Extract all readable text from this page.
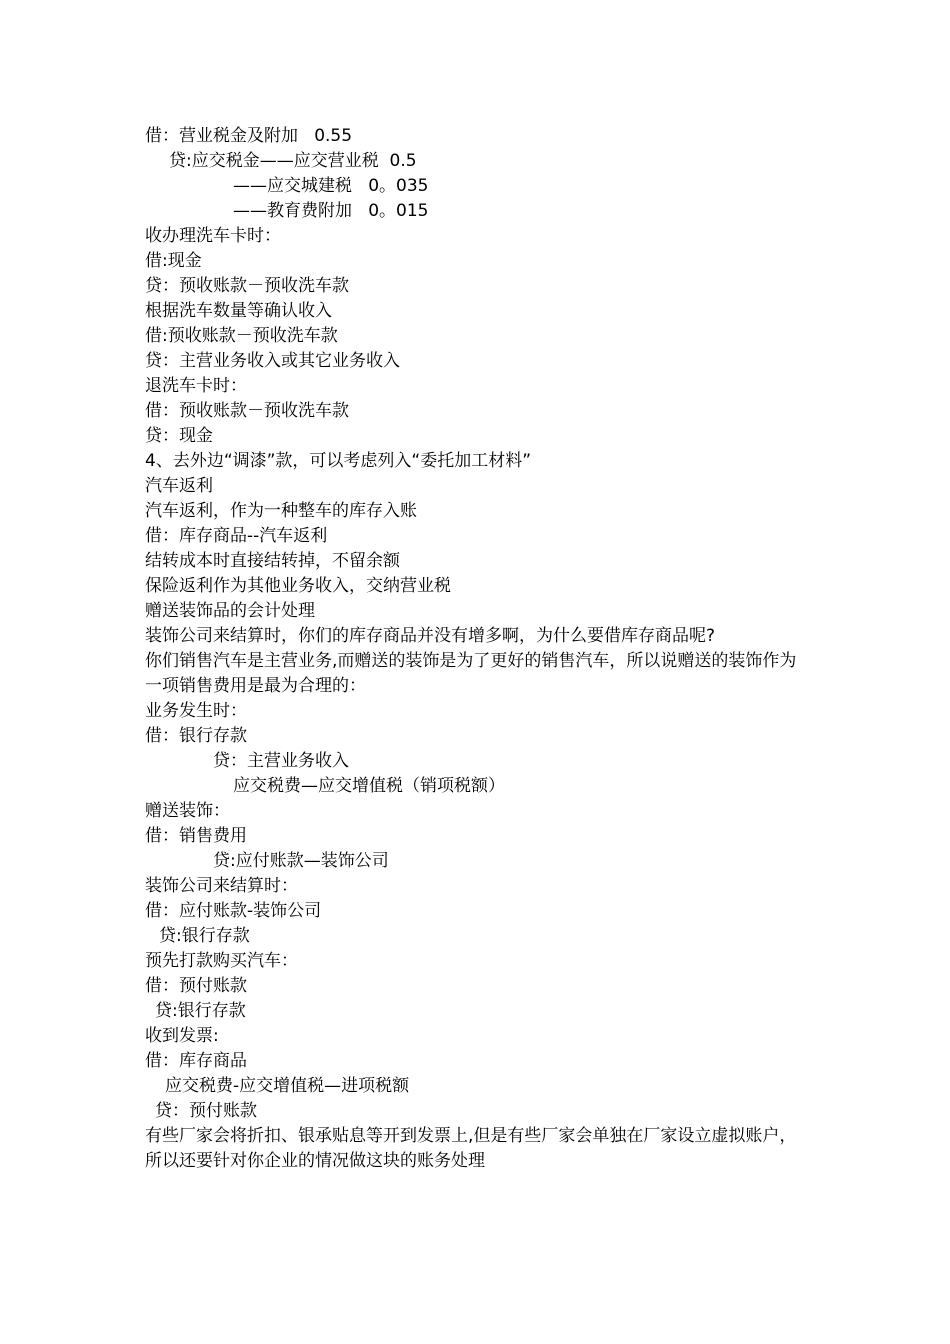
借：营业税金及附加   0.55
贷:应交税金——应交营业税  0.5
——应交城建税   0。035
——教育费附加   0。015
收办理洗车卡时：
借:现金
贷：预收账款－预收洗车款
根据洗车数量等确认收入
借:预收账款－预收洗车款
贷：主营业务收入或其它业务收入
退洗车卡时：
借：预收账款－预收洗车款
贷：现金
4、去外边“调漆”款，可以考虑列入“委托加工材料”
汽车返利
汽车返利，作为一种整车的库存入账
借：库存商品--汽车返利
结转成本时直接结转掉，不留余额
保险返利作为其他业务收入，交纳营业税
赠送装饰品的会计处理
装饰公司来结算时，你们的库存商品并没有增多啊，为什么要借库存商品呢?
你们销售汽车是主营业务,而赠送的装饰是为了更好的销售汽车，所以说赠送的装饰作为一项销售费用是最为合理的：
业务发生时：
借：银行存款
贷：主营业务收入
应交税费—应交增值税（销项税额）
赠送装饰：
借：销售费用
贷:应付账款—装饰公司
装饰公司来结算时：
借：应付账款-装饰公司
贷:银行存款
预先打款购买汽车：
借：预付账款
贷:银行存款
收到发票:
借：库存商品
应交税费-应交增值税—进项税额
贷：预付账款
有些厂家会将折扣、银承贴息等开到发票上,但是有些厂家会单独在厂家设立虚拟账户，所以还要针对你企业的情况做这块的账务处理
